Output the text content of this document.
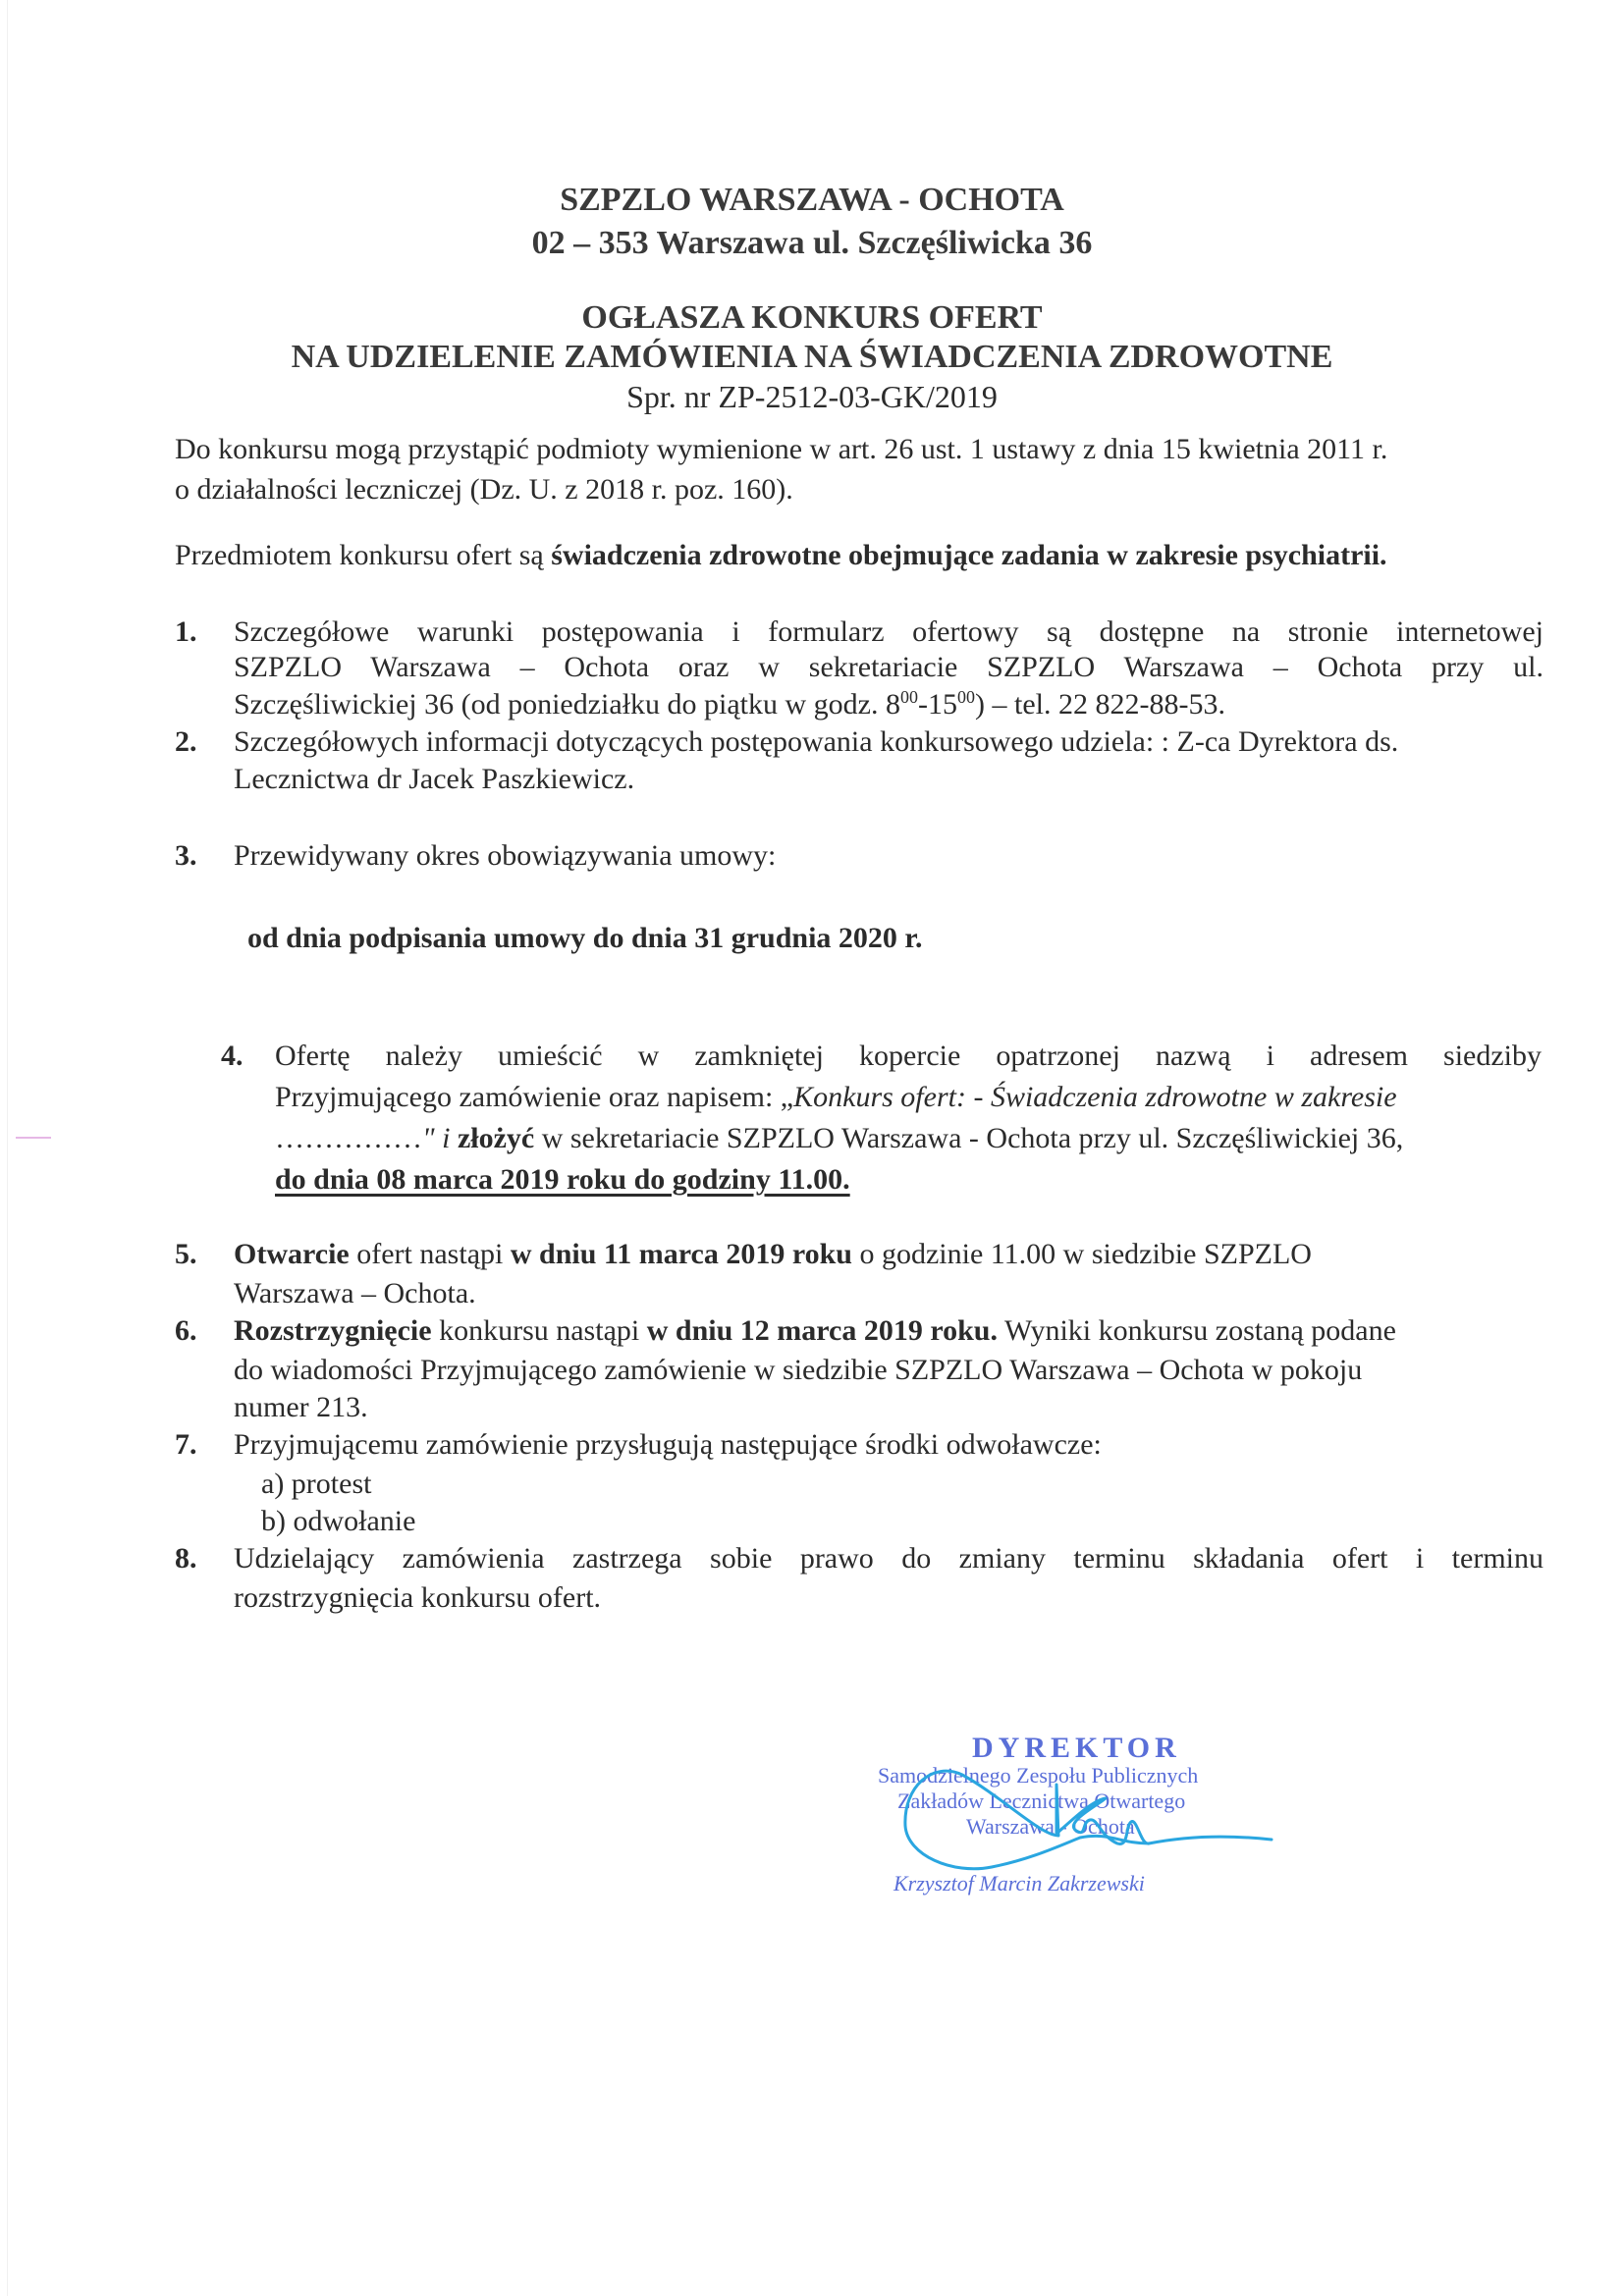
SZPZLO WARSZAWA - OCHOTA
02 – 353 Warszawa ul. Szczęśliwicka 36
OGŁASZA KONKURS OFERT
NA UDZIELENIE ZAMÓWIENIA NA ŚWIADCZENIA ZDROWOTNE
Spr. nr ZP-2512-03-GK/2019
Do konkursu mogą przystąpić podmioty wymienione w art. 26 ust. 1 ustawy z dnia 15 kwietnia 2011 r.
o działalności leczniczej (Dz. U. z 2018 r. poz. 160).
Przedmiotem konkursu ofert są świadczenia zdrowotne obejmujące zadania w zakresie psychiatrii.
1. Szczegółowe warunki postępowania i formularz ofertowy są dostępne na stronie internetowej
SZPZLO Warszawa – Ochota oraz w sekretariacie SZPZLO Warszawa – Ochota przy ul.
Szczęśliwickiej 36 (od poniedziałku do piątku w godz. $8^{00}-15^{00}$) – tel. 22 822-88-53.
2. Szczegółowych informacji dotyczących postępowania konkursowego udziela: : Z-ca Dyrektora ds.
Lecznictwa dr Jacek Paszkiewicz.
3. Przewidywany okres obowiązywania umowy:
od dnia podpisania umowy do dnia 31 grudnia 2020 r.
4. Ofertę należy umieścić w zamkniętej kopercie opatrzonej nazwą i adresem siedziby
Przyjmującego zamówienie oraz napisem: „Konkurs ofert: - Świadczenia zdrowotne w zakresie
……………" i złożyć w sekretariacie SZPZLO Warszawa - Ochota przy ul. Szczęśliwickiej 36,
do dnia 08 marca 2019 roku do godziny 11.00.
5. Otwarcie ofert nastąpi w dniu 11 marca 2019 roku o godzinie 11.00 w siedzibie SZPZLO
Warszawa – Ochota.
6. Rozstrzygnięcie konkursu nastąpi w dniu 12 marca 2019 roku. Wyniki konkursu zostaną podane
do wiadomości Przyjmującego zamówienie w siedzibie SZPZLO Warszawa – Ochota w pokoju
numer 213.
7. Przyjmującemu zamówienie przysługują następujące środki odwoławcze:
a) protest
b) odwołanie
8. Udzielający zamówienia zastrzega sobie prawo do zmiany terminu składania ofert i terminu
rozstrzygnięcia konkursu ofert.
DYREKTOR
Samodzielnego Zespołu Publicznych
Zakładów Lecznictwa Otwartego
Warszawa - Ochota
Krzysztof Marcin Zakrzewski
